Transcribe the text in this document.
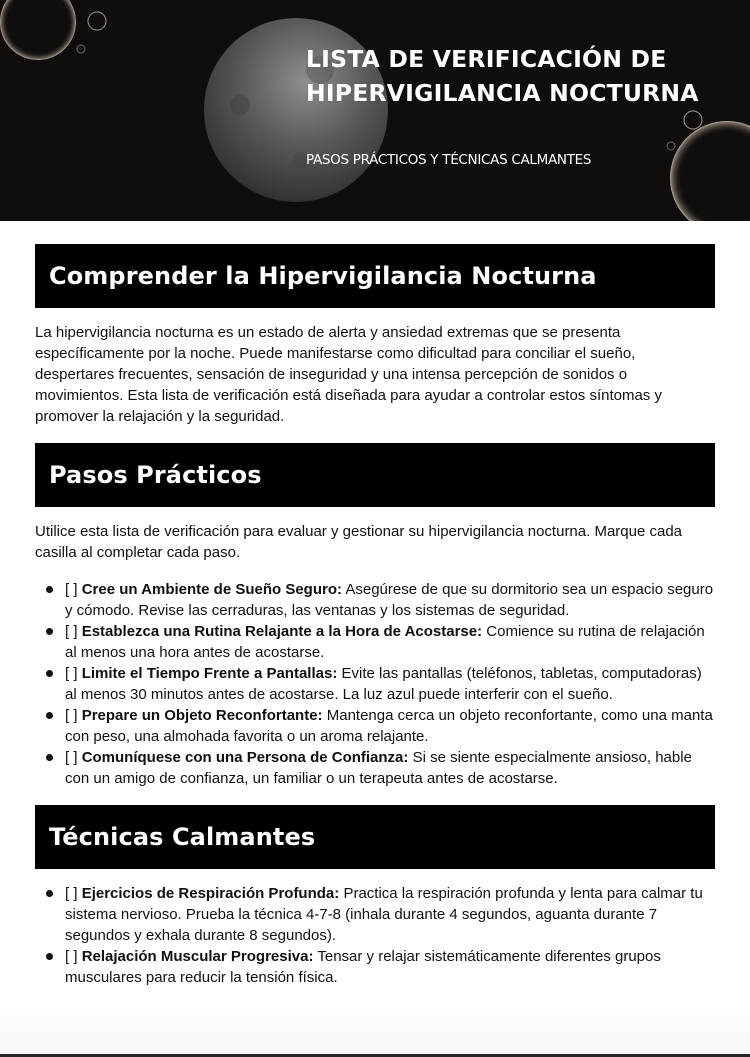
LISTA DE VERIFICACIÓN DE HIPERVIGILANCIA NOCTURNA

PASOS PRÁCTICOS Y TÉCNICAS CALMANTES

Comprender la Hipervigilancia Nocturna

La hipervigilancia nocturna es un estado de alerta y ansiedad extremas que se presenta específicamente por la noche. Puede manifestarse como dificultad para conciliar el sueño, despertares frecuentes, sensación de inseguridad y una intensa percepción de sonidos o movimientos. Esta lista de verificación está diseñada para ayudar a controlar estos síntomas y promover la relajación y la seguridad.

Pasos Prácticos

Utilice esta lista de verificación para evaluar y gestionar su hipervigilancia nocturna. Marque cada casilla al completar cada paso.

[ ] Cree un Ambiente de Sueño Seguro: Asegúrese de que su dormitorio sea un espacio seguro y cómodo. Revise las cerraduras, las ventanas y los sistemas de seguridad.
[ ] Establezca una Rutina Relajante a la Hora de Acostarse: Comience su rutina de relajación al menos una hora antes de acostarse.
[ ] Limite el Tiempo Frente a Pantallas: Evite las pantallas (teléfonos, tabletas, computadoras) al menos 30 minutos antes de acostarse. La luz azul puede interferir con el sueño.
[ ] Prepare un Objeto Reconfortante: Mantenga cerca un objeto reconfortante, como una manta con peso, una almohada favorita o un aroma relajante.
[ ] Comuníquese con una Persona de Confianza: Si se siente especialmente ansioso, hable con un amigo de confianza, un familiar o un terapeuta antes de acostarse.
Técnicas Calmantes
[ ] Ejercicios de Respiración Profunda: Practica la respiración profunda y lenta para calmar tu sistema nervioso. Prueba la técnica 4-7-8 (inhala durante 4 segundos, aguanta durante 7 segundos y exhala durante 8 segundos).
[ ] Relajación Muscular Progresiva: Tensar y relajar sistemáticamente diferentes grupos musculares para reducir la tensión física.
